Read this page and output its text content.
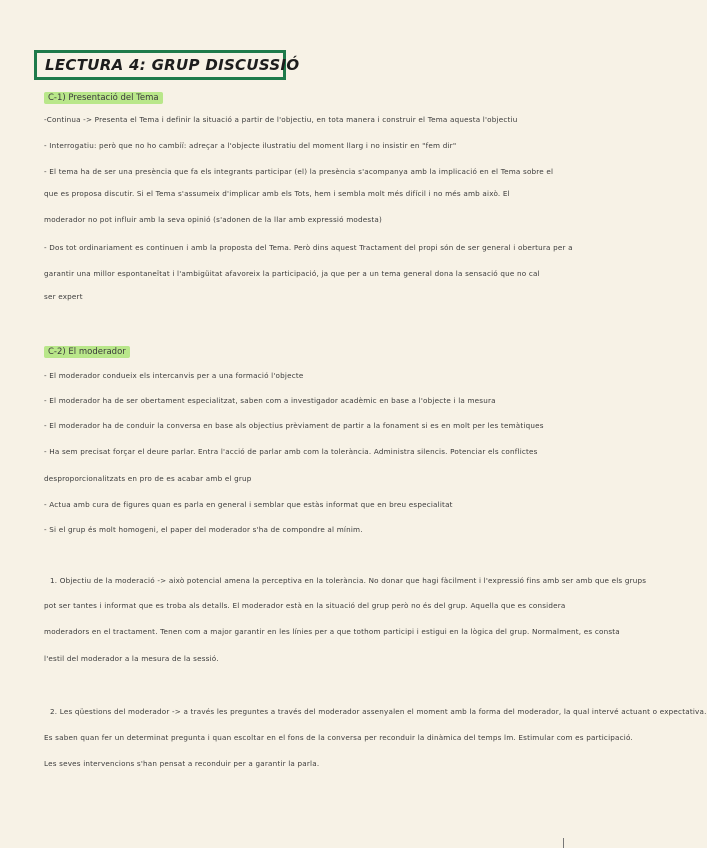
LECTURA 4: GRUP DISCUSSIÓ
C-1) Presentació del Tema
-Continua -> Presenta el Tema i definir la situació a partir de l'objectiu, en tota manera i construir el Tema aquesta l'objectiu
- Interrogatiu: però que no ho cambiï: adreçar a l'objecte ilustratiu del moment llarg i no insistir en "fem dir"
- El tema ha de ser una presència que fa els integrants participar (el) la presència s'acompanya amb la implicació en el Tema sobre el
que es proposa discutir. Si el Tema s'assumeix d'implicar amb els Tots, hem i sembla molt més difícil i no més amb això. El
moderador no pot influir amb la seva opinió (s'adonen de la llar amb expressió modesta)
- Dos tot ordinariament es continuen i amb la proposta del Tema. Però dins aquest Tractament del propi són de ser general i obertura per a
garantir una millor espontaneïtat i l'ambigüitat afavoreix la participació, ja que per a un tema general dona la sensació que no cal
ser expert
C-2) El moderador
- El moderador condueix els intercanvis per a una formació l'objecte
- El moderador ha de ser obertament especialitzat, saben com a investigador acadèmic en base a l'objecte i la mesura
- El moderador ha de conduir la conversa en base als objectius prèviament de partir a la fonament si es en molt per les temàtiques
- Ha sem precisat forçar el deure parlar. Entra l'acció de parlar amb com la tolerància. Administra silencis. Potenciar els conflictes
desproporcionalitzats en pro de es acabar amb el grup
- Actua amb cura de figures quan es parla en general i semblar que estàs informat que en breu especialitat
- Si el grup és molt homogeni, el paper del moderador s'ha de compondre al mínim.
1. Objectiu de la moderació -> això potencial amena la perceptiva en la tolerància. No donar que hagi fàcilment i l'expressió fins amb ser amb que els grups
pot ser tantes i informat que es troba als detalls. El moderador està en la situació del grup però no és del grup. Aquella que es considera
moderadors en el tractament. Tenen com a major garantir en les línies per a que tothom participi i estigui en la lògica del grup. Normalment, es consta
l'estil del moderador a la mesura de la sessió.
2. Les qüestions del moderador -> a través les preguntes a través del moderador assenyalen el moment amb la forma del moderador, la qual intervé actuant o expectativa.
Es saben quan fer un determinat pregunta i quan escoltar en el fons de la conversa per reconduir la dinàmica del temps lm. Estimular com es participació.
Les seves intervencions s'han pensat a reconduir per a garantir la parla.
